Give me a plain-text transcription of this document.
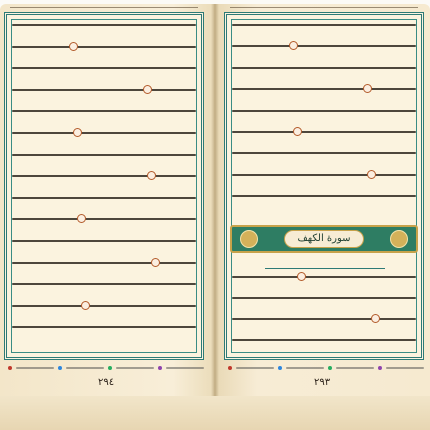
سورة الكهف
٢٩٤	٢٩٣
